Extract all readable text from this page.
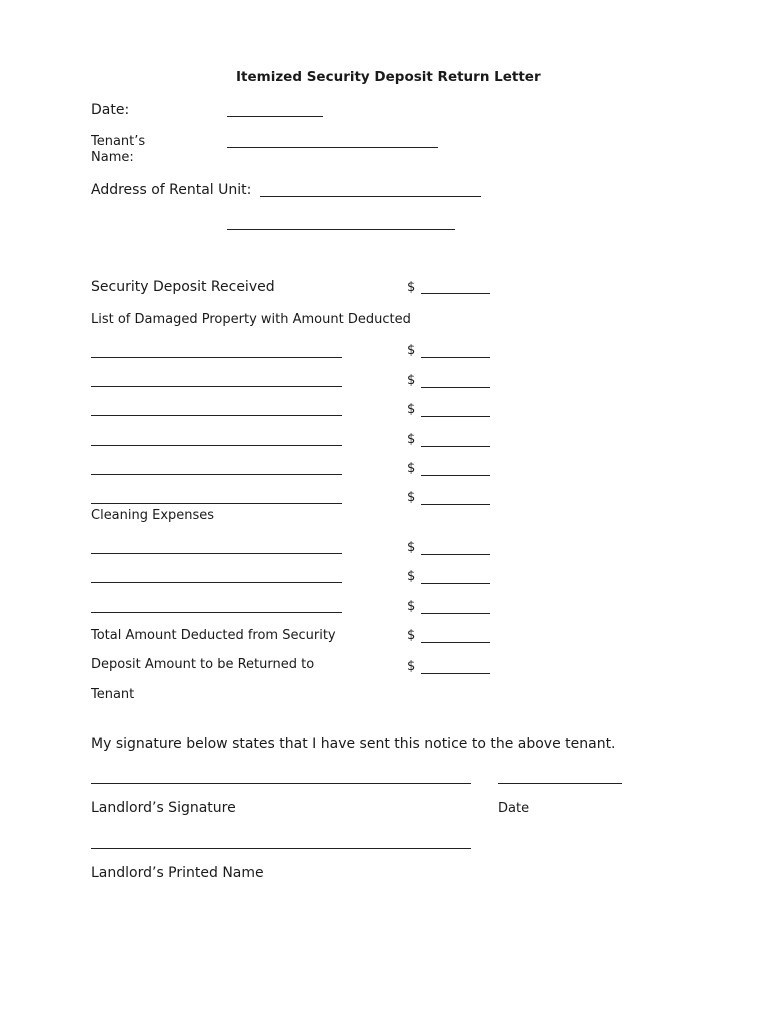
Itemized Security Deposit Return Letter
Date:
Tenant’s
Name:
Address of Rental Unit:
Security Deposit Received	$
List of Damaged Property with Amount Deducted
$
$
$
$
$
$
Cleaning Expenses
$
$
$
Total Amount Deducted from Security	$
Deposit Amount to be Returned to	$
Tenant
My signature below states that I have sent this notice to the above tenant.
Landlord’s Signature	Date
Landlord’s Printed Name
